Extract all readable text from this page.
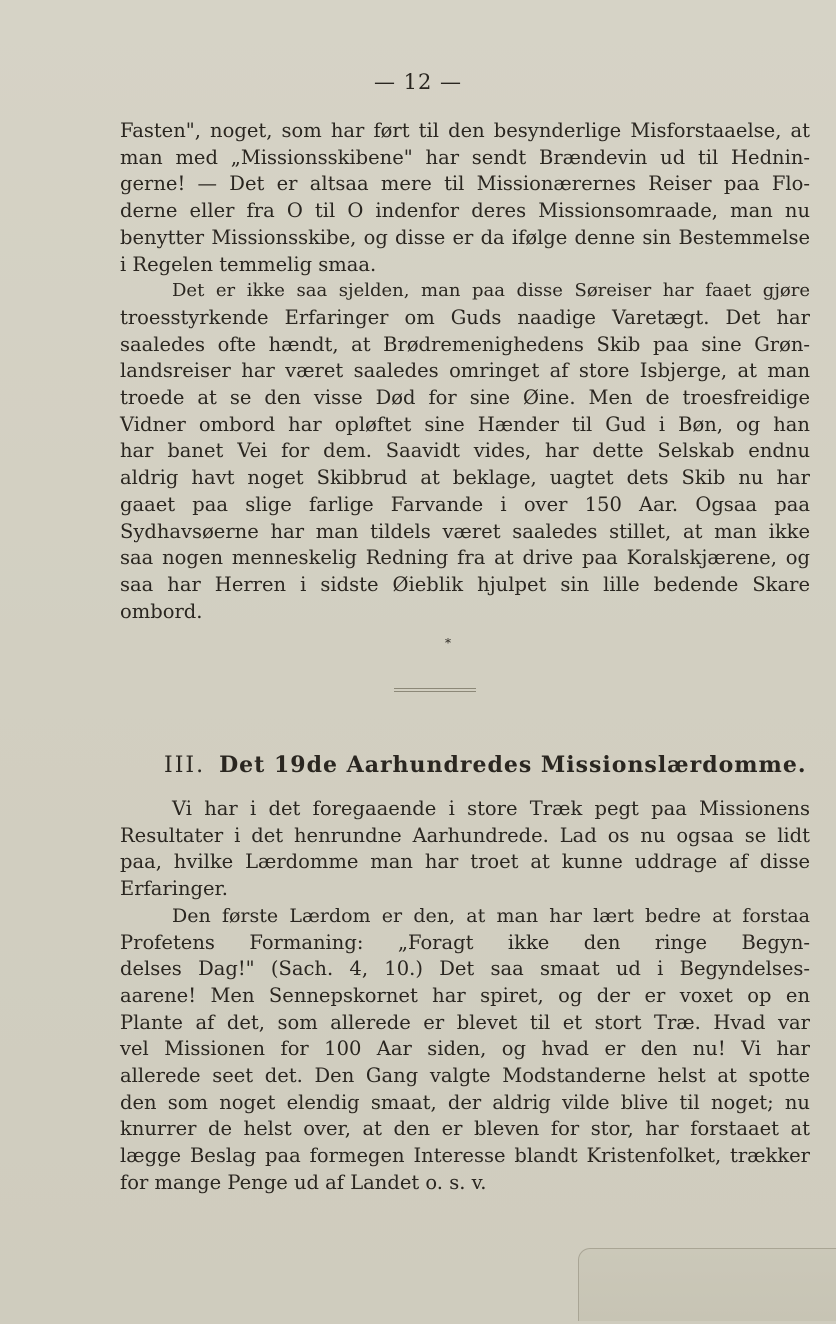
— 12 —

Fasten", noget, som har ført til den besynderlige Misforstaaelse, at
man med „Missionsskibene" har sendt Brændevin ud til Hednin-
gerne! — Det er altsaa mere til Missionærernes Reiser paa Flo-
derne eller fra O til O indenfor deres Missionsomraade, man nu
benytter Missionsskibe, og disse er da ifølge denne sin Bestemmelse
i Regelen temmelig smaa.

Det er ikke saa sjelden, man paa disse Søreiser har faaet gjøre
troesstyrkende Erfaringer om Guds naadige Varetægt. Det har
saaledes ofte hændt, at Brødremenighedens Skib paa sine Grøn-
landsreiser har været saaledes omringet af store Isbjerge, at man
troede at se den visse Død for sine Øine. Men de troesfreidige
Vidner ombord har opløftet sine Hænder til Gud i Bøn, og han
har banet Vei for dem. Saavidt vides, har dette Selskab endnu
aldrig havt noget Skibbrud at beklage, uagtet dets Skib nu har
gaaet paa slige farlige Farvande i over 150 Aar. Ogsaa paa
Sydhavsøerne har man tildels været saaledes stillet, at man ikke
saa nogen menneskelig Redning fra at drive paa Koralskjærene, og
saa har Herren i sidste Øieblik hjulpet sin lille bedende Skare
ombord.

*
III. Det 19de Aarhundredes Missionslærdomme.

Vi har i det foregaaende i store Træk pegt paa Missionens
Resultater i det henrundne Aarhundrede. Lad os nu ogsaa se lidt
paa, hvilke Lærdomme man har troet at kunne uddrage af disse
Erfaringer.

Den første Lærdom er den, at man har lært bedre at forstaa
Profetens Formaning: „Foragt ikke den ringe Begyn-
delses Dag!" (Sach. 4, 10.) Det saa smaat ud i Begyndelses-
aarene! Men Sennepskornet har spiret, og der er voxet op en
Plante af det, som allerede er blevet til et stort Træ. Hvad var
vel Missionen for 100 Aar siden, og hvad er den nu! Vi har
allerede seet det. Den Gang valgte Modstanderne helst at spotte
den som noget elendig smaat, der aldrig vilde blive til noget; nu
knurrer de helst over, at den er bleven for stor, har forstaaet at
lægge Beslag paa formegen Interesse blandt Kristenfolket, trækker
for mange Penge ud af Landet o. s. v.
